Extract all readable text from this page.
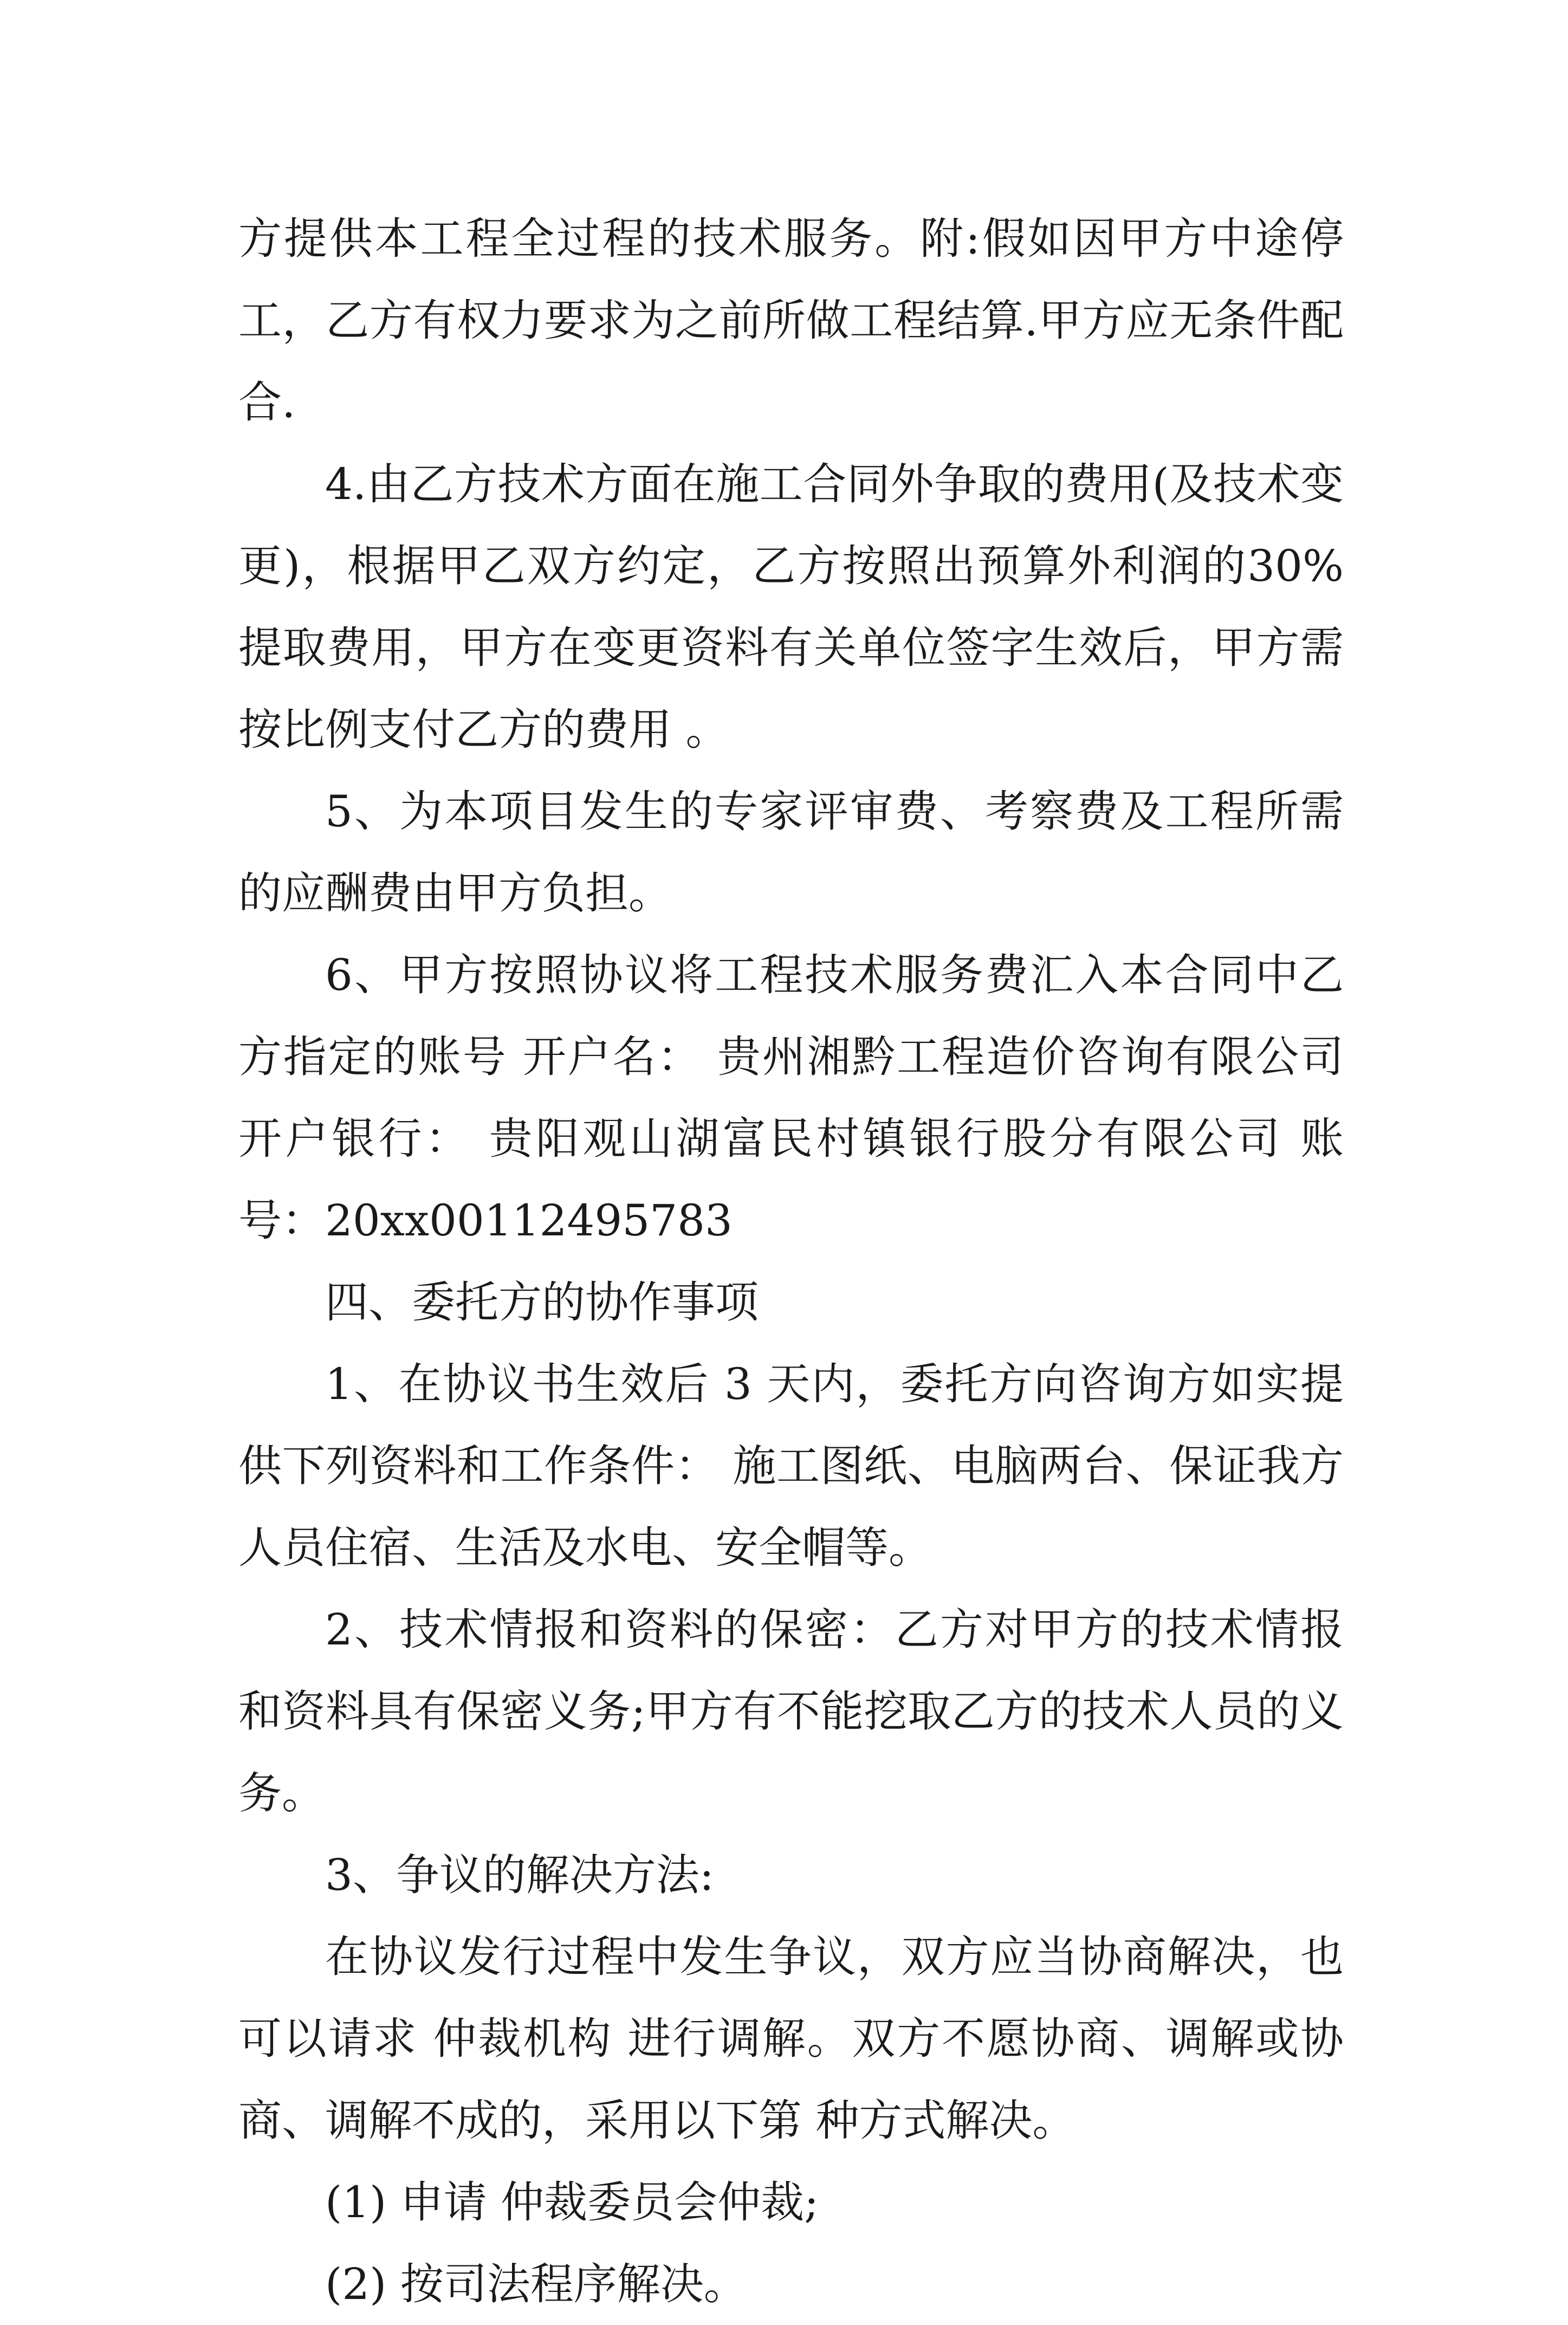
方提供本工程全过程的技术服务。附:假如因甲方中途停工，乙方有权力要求为之前所做工程结算.甲方应无条件配合.

4.由乙方技术方面在施工合同外争取的费用(及技术变更)，根据甲乙双方约定，乙方按照出预算外利润的30%提取费用，甲方在变更资料有关单位签字生效后，甲方需按比例支付乙方的费用 。

5、为本项目发生的专家评审费、考察费及工程所需的应酬费由甲方负担。

6、甲方按照协议将工程技术服务费汇入本合同中乙方指定的账号 开户名： 贵州湘黔工程造价咨询有限公司开户银行： 贵阳观山湖富民村镇银行股分有限公司 账号：20xx00112495783

四、委托方的协作事项

1、在协议书生效后 3 天内，委托方向咨询方如实提供下列资料和工作条件： 施工图纸、电脑两台、保证我方人员住宿、生活及水电、安全帽等。

2、技术情报和资料的保密：乙方对甲方的技术情报和资料具有保密义务;甲方有不能挖取乙方的技术人员的义务。

3、争议的解决方法:

在协议发行过程中发生争议，双方应当协商解决，也可以请求 仲裁机构 进行调解。双方不愿协商、调解或协商、调解不成的，采用以下第 种方式解决。

(1) 申请 仲裁委员会仲裁;

(2) 按司法程序解决。
